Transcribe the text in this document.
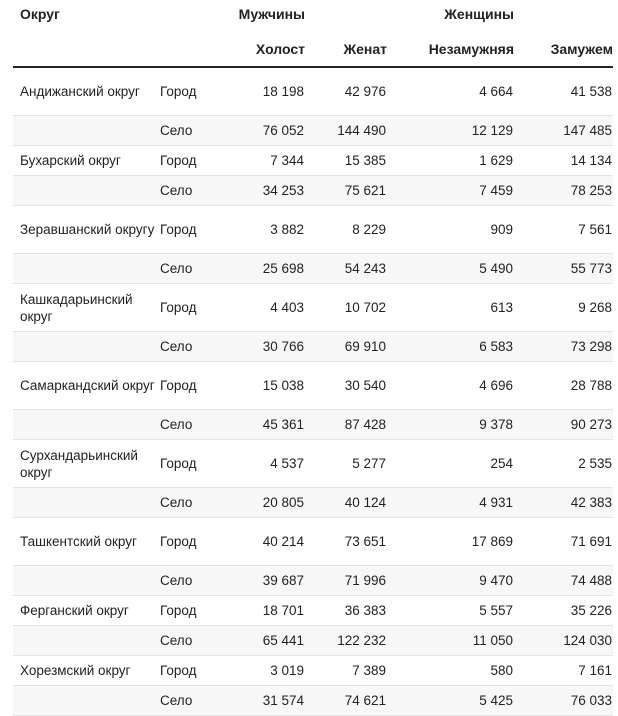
Округ		Мужчины		Женщины	
		Холост	Женат	Незамужняя	Замужем
Андижанский округ	Город	18 198	42 976	4 664	41 538
	Село	76 052	144 490	12 129	147 485
Бухарский округ	Город	7 344	15 385	1 629	14 134
	Село	34 253	75 621	7 459	78 253
Зеравшанский округу	Город	3 882	8 229	909	7 561
	Село	25 698	54 243	5 490	55 773
Кашкадарьинский округ	Город	4 403	10 702	613	9 268
	Село	30 766	69 910	6 583	73 298
Самаркандский округ	Город	15 038	30 540	4 696	28 788
	Село	45 361	87 428	9 378	90 273
Сурхандарьинский округ	Город	4 537	5 277	254	2 535
	Село	20 805	40 124	4 931	42 383
Ташкентский округ	Город	40 214	73 651	17 869	71 691
	Село	39 687	71 996	9 470	74 488
Ферганский округ	Город	18 701	36 383	5 557	35 226
	Село	65 441	122 232	11 050	124 030
Хорезмский округ	Город	3 019	7 389	580	7 161
	Село	31 574	74 621	5 425	76 033
